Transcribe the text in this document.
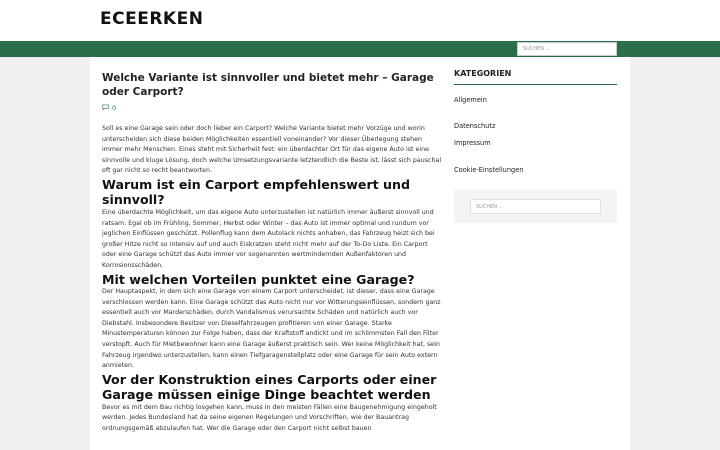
ECEERKEN
SUCHEN ...
Welche Variante ist sinnvoller und bietet mehr – Garage oder Carport?
0

Soll es eine Garage sein oder doch lieber ein Carport? Welche Variante bietet mehr Vorzüge und worin unterscheiden sich diese beiden Möglichkeiten essentiell voneinander? Vor dieser Überlegung stehen immer mehr Menschen. Eines steht mit Sicherheit fest: ein überdachter Ort für das eigene Auto ist eine sinnvolle und kluge Lösung, doch welche Umsetzungsvariante letztendlich die Beste ist, lässt sich pauschal oft gar nicht so recht beantworten.

Warum ist ein Carport empfehlenswert und sinnvoll?

Eine überdachte Möglichkeit, um das eigene Auto unterzustellen ist natürlich immer äußerst sinnvoll und ratsam. Egal ob im Frühling, Sommer, Herbst oder Winter – das Auto ist immer optimal und rundum vor jeglichen Einflüssen geschützt. Pollenflug kann dem Autolack nichts anhaben, das Fahrzeug heizt sich bei großer Hitze nicht so intensiv auf und auch Eiskratzen steht nicht mehr auf der To-Do Liste. Ein Carport oder eine Garage schützt das Auto immer vor sogenannten wertmindernden Außenfaktoren und Korrosionsschäden.

Mit welchen Vorteilen punktet eine Garage?

Der Hauptaspekt, in dem sich eine Garage von einem Carport unterscheidet, ist dieser, dass eine Garage verschlossen werden kann. Eine Garage schützt das Auto nicht nur vor Witterungseinflüssen, sondern ganz essentiell auch vor Marderschäden, durch Vandalismus verursachte Schäden und natürlich auch vor Diebstahl. Insbesondere Besitzer von Dieselfahrzeugen profitieren von einer Garage. Starke Minustemperaturen können zur Folge haben, dass der Kraftstoff andickt und im schlimmsten Fall den Filter verstopft. Auch für Mietbewohner kann eine Garage äußerst praktisch sein. Wer keine Möglichkeit hat, sein Fahrzeug irgendwo unterzustellen, kann einen Tiefgaragenstellplatz oder eine Garage für sein Auto extern anmieten.

Vor der Konstruktion eines Carports oder einer Garage müssen einige Dinge beachtet werden

Bevor es mit dem Bau richtig losgehen kann, muss in den meisten Fällen eine Baugenehmigung eingeholt werden. Jedes Bundesland hat da seine eigenen Regelungen und Vorschriften, wie der Bauantrag ordnungsgemäß abzulaufen hat. Wer die Garage oder den Carport nicht selbst bauen

KATEGORIEN
Allgemein
Datenschutz
Impressum
Cookie-Einstellungen
SUCHEN ...
